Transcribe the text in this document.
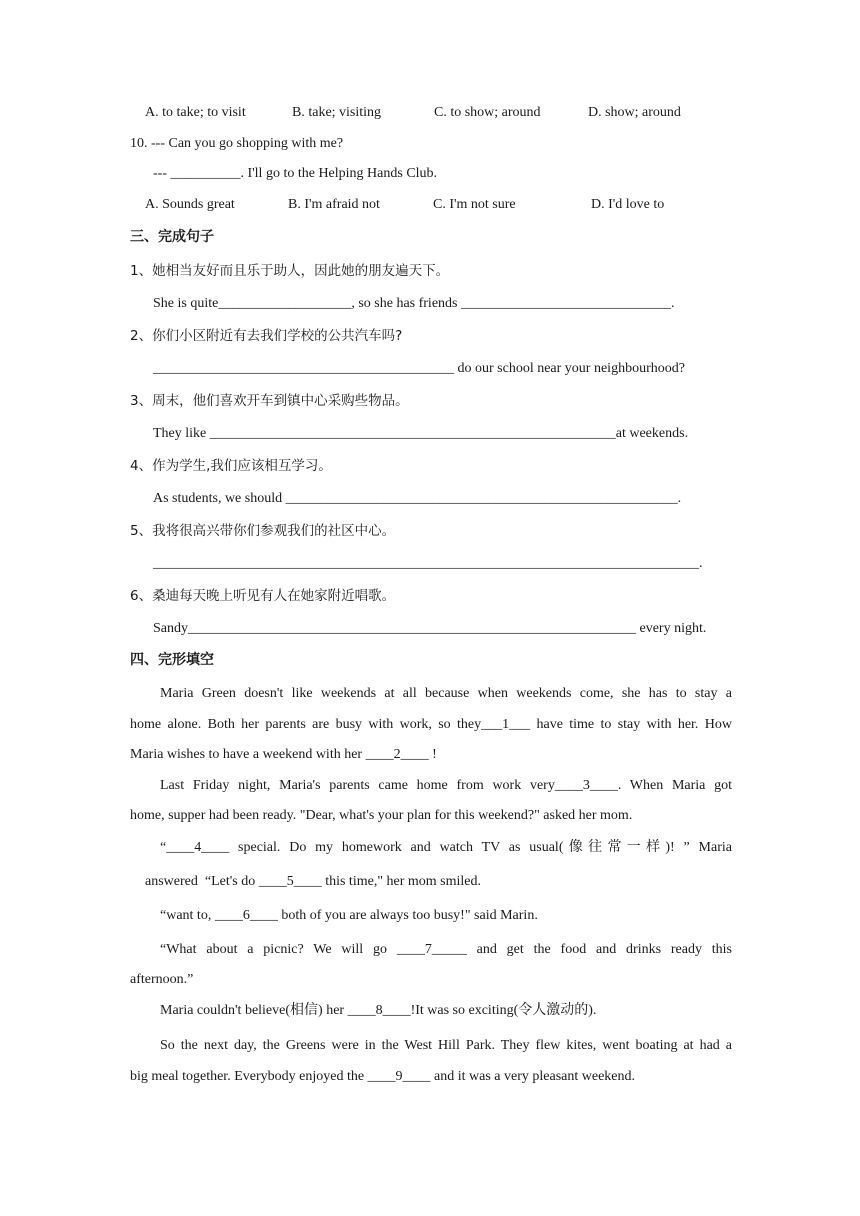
A. to take; to visit	B. take; visiting	C. to show; around	D. show; around
10. --- Can you go shopping with me?
--- __________. I'll go to the Helping Hands Club.
A. Sounds great	B. I'm afraid not	C. I'm not sure	D. I'd love to
三、完成句子
1、她相当友好而且乐于助人，因此她的朋友遍天下。
She is quite___________________, so she has friends ______________________________.
2、你们小区附近有去我们学校的公共汽车吗?
___________________________________________ do our school near your neighbourhood?
3、周末，他们喜欢开车到镇中心采购些物品。
They like __________________________________________________________at weekends.
4、作为学生,我们应该相互学习。
As students, we should ________________________________________________________.
5、我将很高兴带你们参观我们的社区中心。
______________________________________________________________________________.
6、桑迪每天晚上听见有人在她家附近唱歌。
Sandy________________________________________________________________ every night.
四、完形填空
Maria Green doesn't like weekends at all because when weekends come, she has to stay a
home alone. Both her parents are busy with work, so they___1___ have time to stay with her. How
Maria wishes to have a weekend with her ____2____ !
Last Friday night, Maria's parents came home from work very____3____. When Maria got
home, supper had been ready. "Dear, what's your plan for this weekend?" asked her mom.
“____4____ special. Do my homework and watch TV as usual(像往常一样)! ” Maria
answered  “Let's do ____5____ this time," her mom smiled.
“want to, ____6____ both of you are always too busy!" said Marin.
“What about a picnic? We will go ____7_____ and get the food and drinks ready this
afternoon.”
Maria couldn't believe(相信) her ____8____!It was so exciting(令人激动的).
So the next day, the Greens were in the West Hill Park. They flew kites, went boating at had a
big meal together. Everybody enjoyed the ____9____ and it was a very pleasant weekend.
